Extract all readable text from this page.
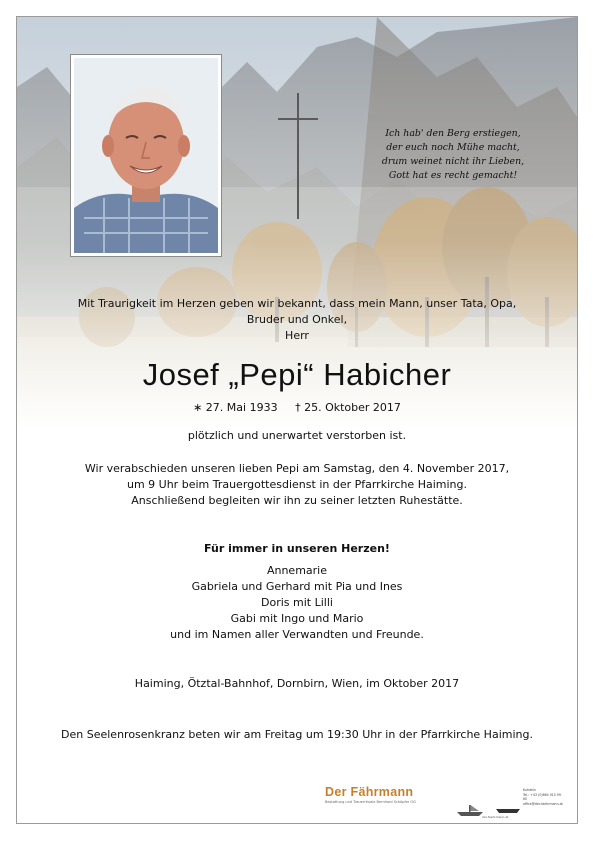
Ich hab' den Berg erstiegen,
der euch noch Mühe macht,
drum weinet nicht ihr Lieben,
Gott hat es recht gemacht!
Mit Traurigkeit im Herzen geben wir bekannt, dass mein Mann, unser Tata, Opa,
Bruder und Onkel,
Herr
Josef „Pepi“ Habicher
∗ 27. Mai 1933 † 25. Oktober 2017
plötzlich und unerwartet verstorben ist.
Wir verabschieden unseren lieben Pepi am Samstag, den 4. November 2017,
um 9 Uhr beim Trauergottesdienst in der Pfarrkirche Haiming.
Anschließend begleiten wir ihn zu seiner letzten Ruhestätte.
Für immer in unseren Herzen!
Annemarie
Gabriela und Gerhard mit Pia und Ines
Doris mit Lilli
Gabi mit Ingo und Mario
und im Namen aller Verwandten und Freunde.
Haiming, Ötztal-Bahnhof, Dornbirn, Wien, im Oktober 2017
Den Seelenrosenkranz beten wir am Freitag um 19:30 Uhr in der Pfarrkirche Haiming.
Der Fährmann
Bestattung und Trauerrituale Bernhard Schöpfer OG
Kufstein
Tel.: +43 (0)664 915 99 60
office@der-faehrmann.at
der-faehrmann.at
